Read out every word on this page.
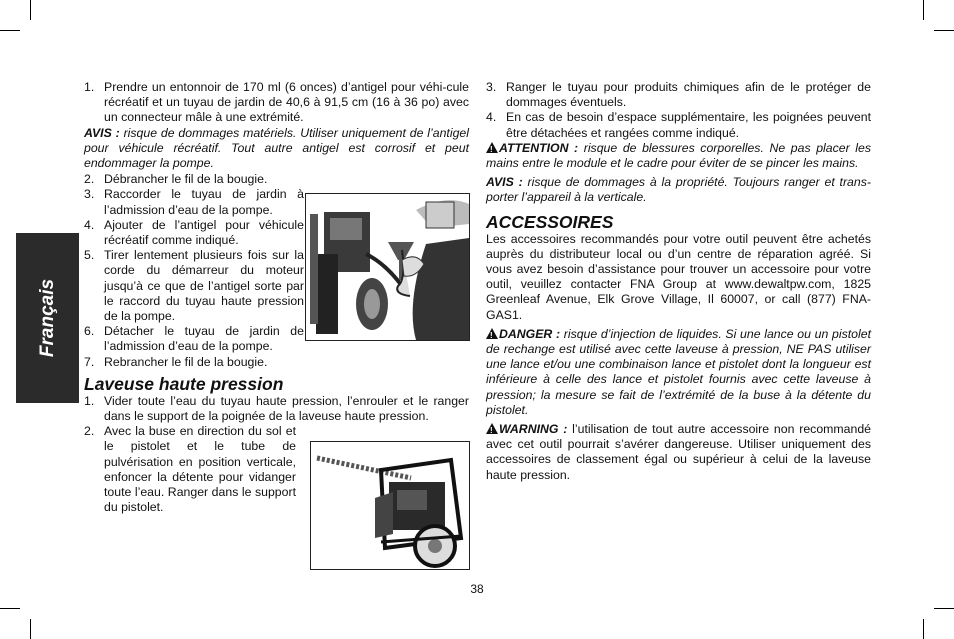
Français
1. Prendre un entonnoir de 170 ml (6 onces) d’antigel pour véhi-cule récréatif et un tuyau de jardin de 40,6 à 91,5 cm (16 à 36 po) avec un connecteur mâle à une extrémité.

AVIS : risque de dommages matériels. Utiliser uniquement de l’antigel pour véhicule récréatif. Tout autre antigel est corrosif et peut endommager la pompe.

2. Débrancher le fil de la bougie.
3. Raccorder le tuyau de jardin à l’admission d’eau de la pompe.
4. Ajouter de l’antigel pour véhicule récréatif comme indiqué.
5. Tirer lentement plusieurs fois sur la corde du démarreur du moteur jusqu’à ce que de l’antigel sorte par le raccord du tuyau haute pression de la pompe.
6. Détacher le tuyau de jardin de l’admission d’eau de la pompe.
7. Rebrancher le fil de la bougie.

Laveuse haute pression

1. Vider toute l’eau du tuyau haute pression, l’enrouler et le ranger dans le support de la poignée de la laveuse haute pression.
2. Avec la buse en direction du sol et le pistolet et le tube de pulvérisation en position verticale, enfoncer la détente pour vidanger toute l’eau. Ranger dans le support du pistolet.
3. Ranger le tuyau pour produits chimiques afin de le protéger de dommages éventuels.
4. En cas de besoin d’espace supplémentaire, les poignées peuvent être détachées et rangées comme indiqué.

!ATTENTION : risque de blessures corporelles. Ne pas placer les mains entre le module et le cadre pour éviter de se pincer les mains.

AVIS : risque de dommages à la propriété. Toujours ranger et trans-porter l’appareil à la verticale.

ACCESSOIRES

Les accessoires recommandés pour votre outil peuvent être achetés auprès du distributeur local ou d’un centre de réparation agréé. Si vous avez besoin d’assistance pour trouver un accessoire pour votre outil, veuillez contacter FNA Group at www.dewaltpw.com, 1825 Greenleaf Avenue, Elk Grove Village, Il 60007, or call (877) FNA-GAS1.

!DANGER : risque d’injection de liquides. Si une lance ou un pistolet de rechange est utilisé avec cette laveuse à pression, NE PAS utiliser une lance et/ou une combinaison lance et pistolet dont la longueur est inférieure à celle des lance et pistolet fournis avec cette laveuse à pression; la mesure se fait de l’extrémité de la buse à la détente du pistolet.

!WARNING : l’utilisation de tout autre accessoire non recommandé avec cet outil pourrait s’avérer dangereuse. Utiliser uniquement des accessoires de classement égal ou supérieur à celui de la laveuse haute pression.

38
